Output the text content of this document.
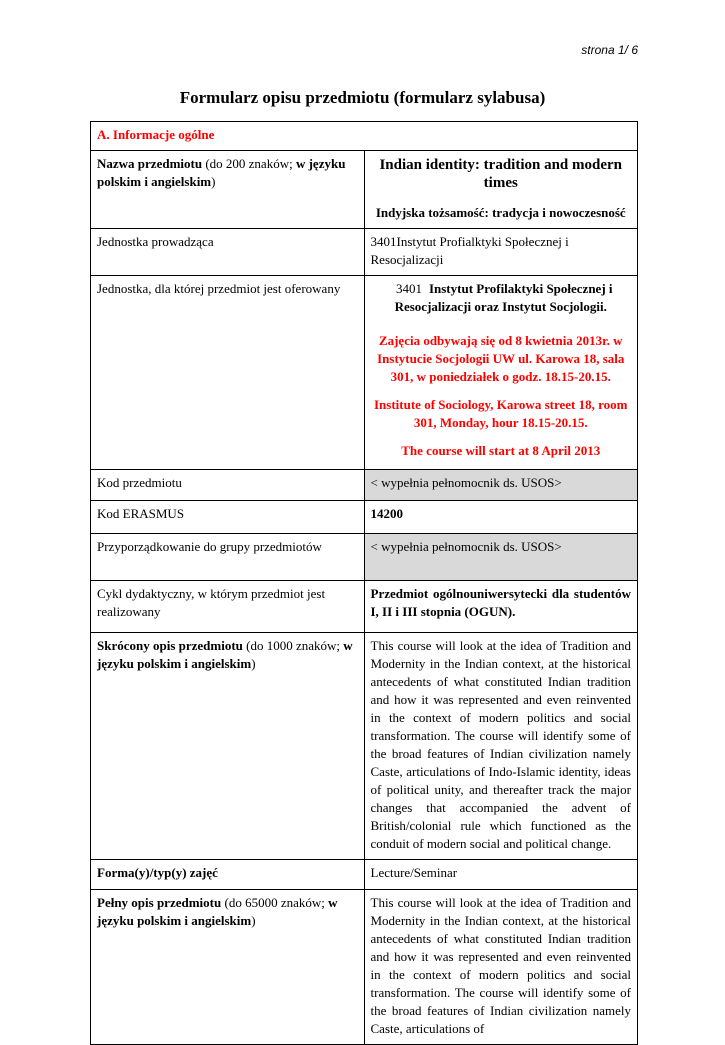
strona 1/ 6
Formularz opisu przedmiotu (formularz sylabusa)
A. Informacje ogólne	
Nazwa przedmiotu (do 200 znaków; w języku polskim i angielskim)	Indian identity: tradition and modern times
Indyjska tożsamość: tradycja i nowoczesność

Jednostka prowadząca	3401Instytut Profialktyki Społecznej i Resocjalizacji
Jednostka, dla której przedmiot jest oferowany	3401 Instytut Profilaktyki Społecznej i Resocjalizacji oraz Instytut Socjologii.

Zajęcia odbywają się od 8 kwietnia 2013r. w Instytucie Socjologii UW ul. Karowa 18, sala 301, w poniedziałek o godz. 18.15-20.15.

Institute of Sociology, Karowa street 18, room 301, Monday, hour 18.15-20.15.

The course will start at 8 April 2013

Kod przedmiotu	< wypełnia pełnomocnik ds. USOS>
Kod ERASMUS	14200
Przyporządkowanie do grupy przedmiotów	< wypełnia pełnomocnik ds. USOS>
Cykl dydaktyczny, w którym przedmiot jest realizowany	Przedmiot ogólnouniwersytecki dla studentów I, II i III stopnia (OGUN).
Skrócony opis przedmiotu (do 1000 znaków; w języku polskim i angielskim)	This course will look at the idea of Tradition and Modernity in the Indian context, at the historical antecedents of what constituted Indian tradition and how it was represented and even reinvented in the context of modern politics and social transformation. The course will identify some of the broad features of Indian civilization namely Caste, articulations of Indo-Islamic identity, ideas of political unity, and thereafter track the major changes that accompanied the advent of British/colonial rule which functioned as the conduit of modern social and political change.
Forma(y)/typ(y) zajęć	Lecture/Seminar
Pełny opis przedmiotu (do 65000 znaków; w języku polskim i angielskim)	This course will look at the idea of Tradition and Modernity in the Indian context, at the historical antecedents of what constituted Indian tradition and how it was represented and even reinvented in the context of modern politics and social transformation. The course will identify some of the broad features of Indian civilization namely Caste, articulations of
